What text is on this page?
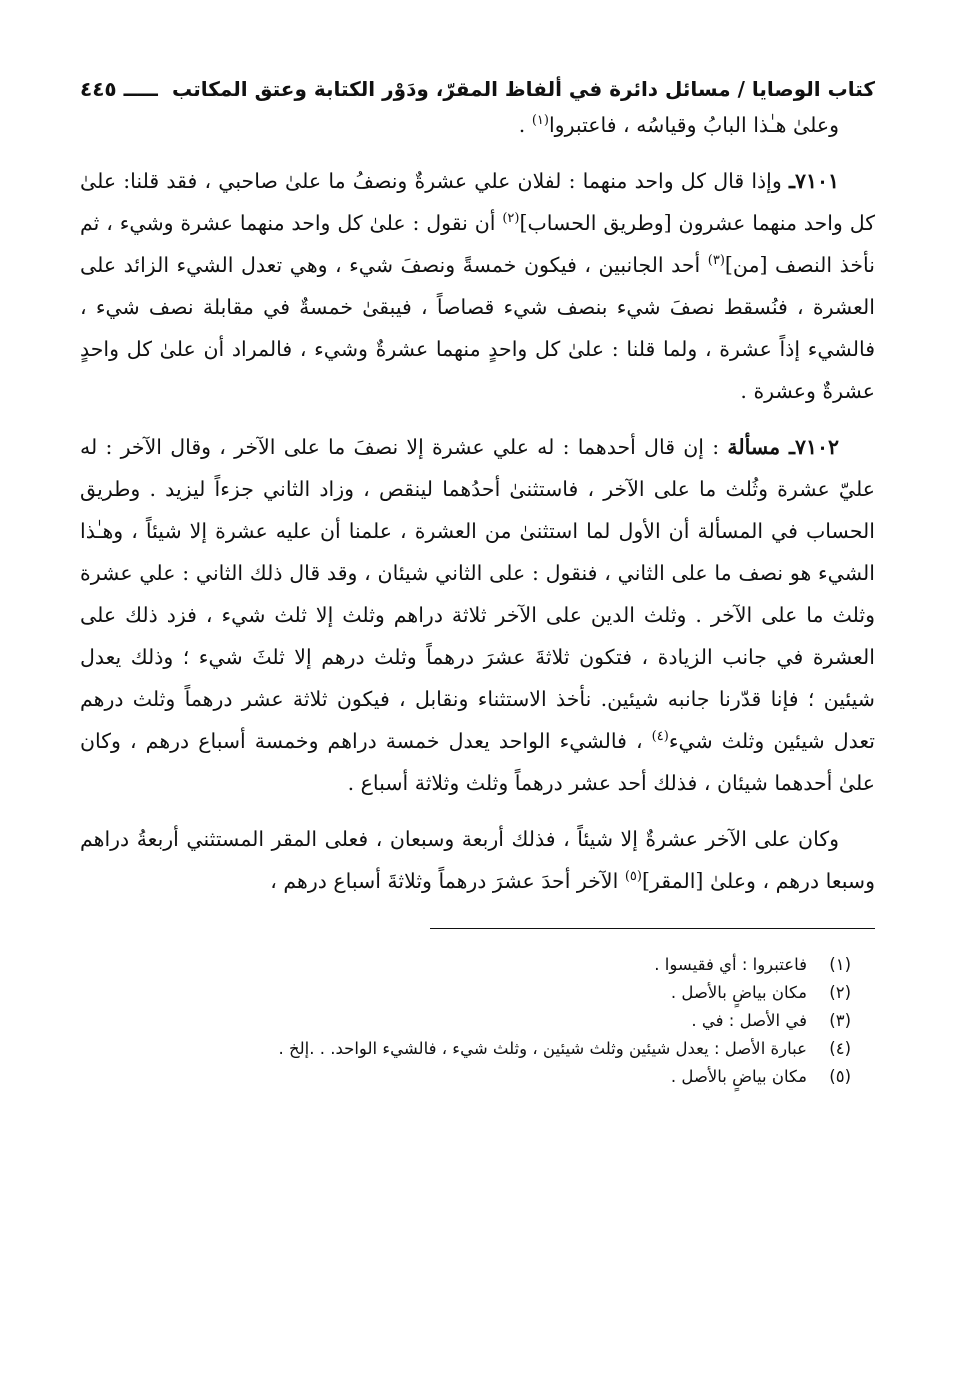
كتاب الوصايا / مسائل دائرة في ألفاظ المقرّ، ودَوْر الكتابة وعتق المكاتب
ـــــ ٤٤٥

وعلىٰ هـٰذا البابُ وقياسُه ، فاعتبروا$^{(١)}$ .

٧١٠١ـ وإذا قال كل واحد منهما : لفلان علي عشرةٌ ونصفُ ما علىٰ صاحبي ، فقد قلنا: علىٰ كل واحد منهما عشرون [وطريق الحساب]$^{(٢)}$ أن نقول : علىٰ كل واحد منهما عشرة وشيء ، ثم نأخذ النصف [من]$^{(٣)}$ أحد الجانبين ، فيكون خمسةً ونصفَ شيء ، وهي تعدل الشيء الزائد على العشرة ، فنُسقط نصفَ شيء بنصف شيء قصاصاً ، فيبقىٰ خمسةٌ في مقابلة نصف شيء ، فالشيء إذاً عشرة ، ولما قلنا : علىٰ كل واحدٍ منهما عشرةٌ وشيء ، فالمراد أن علىٰ كل واحدٍ عشرةٌ وعشرة .

٧١٠٢ـ مسألة : إن قال أحدهما : له علي عشرة إلا نصفَ ما على الآخر ، وقال الآخر : له عليّ عشرة وثُلث ما على الآخر ، فاستثنىٰ أحدُهما لينقص ، وزاد الثاني جزءاً ليزيد . وطريق الحساب في المسألة أن الأول لما استثنىٰ من العشرة ، علمنا أن عليه عشرة إلا شيئاً ، وهـٰذا الشيء هو نصف ما على الثاني ، فنقول : على الثاني شيئان ، وقد قال ذلك الثاني : علي عشرة وثلث ما على الآخر . وثلث الدين على الآخر ثلاثة دراهم وثلث إلا ثلث شيء ، فزد ذلك على العشرة في جانب الزيادة ، فتكون ثلاثةَ عشرَ درهماً وثلث درهم إلا ثلثَ شيء ؛ وذلك يعدل شيئين ؛ فإنا قدّرنا جانبه شيئين. نأخذ الاستثناء ونقابل ، فيكون ثلاثة عشر درهماً وثلث درهم تعدل شيئين وثلث شيء$^{(٤)}$ ، فالشيء الواحد يعدل خمسة دراهم وخمسة أسباع درهم ، وكان علىٰ أحدهما شيئان ، فذلك أحد عشر درهماً وثلث وثلاثة أسباع .

وكان على الآخر عشرةٌ إلا شيئاً ، فذلك أربعة وسبعان ، فعلى المقر المستثني أربعةُ دراهم وسبعا درهم ، وعلىٰ [المقر]$^{(٥)}$ الآخر أحدَ عشرَ درهماً وثلاثةَ أسباع درهم ،

(١)
فاعتبروا : أي فقيسوا .
(٢)
مكان بياضٍ بالأصل .
(٣)
في الأصل : في .
(٤)
عبارة الأصل : يعدل شيئين وثلث شيئين ، وثلث شيء ، فالشيء الواحد. . .إلخ .
(٥)
مكان بياضٍ بالأصل .
